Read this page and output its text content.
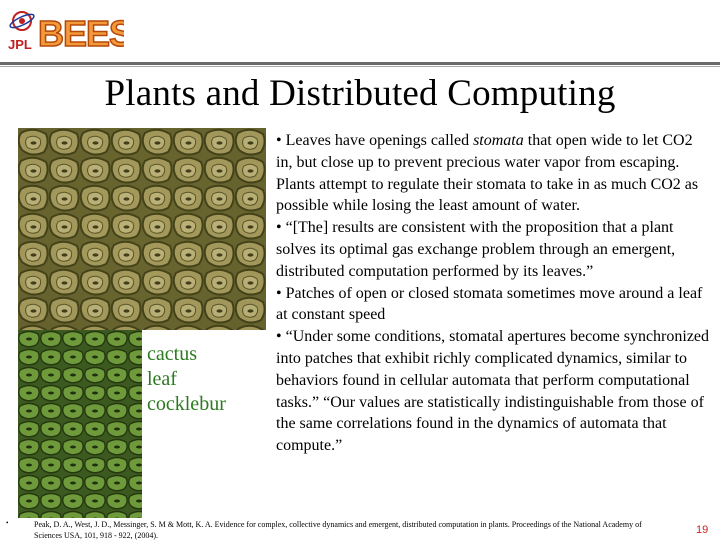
JPL BEES
Plants and Distributed Computing
cactus
leaf
cocklebur

• Leaves have openings called stomata that open wide to let CO2 in, but close up to prevent precious water vapor from escaping. Plants attempt to regulate their stomata to take in as much CO2 as possible while losing the least amount of water.

• “[The] results are consistent with the proposition that a plant solves its optimal gas exchange problem through an emergent, distributed computation performed by its leaves.”

• Patches of open or closed stomata sometimes move around a leaf at constant speed

• “Under some conditions, stomatal apertures become synchronized into patches that exhibit richly complicated dynamics, similar to behaviors found in cellular automata that perform computational tasks.” “Our values are statistically indistinguishable from those of the same correlations found in the dynamics of automata that compute.”

•	Peak, D. A., West, J. D., Messinger, S. M & Mott, K. A. Evidence for complex, collective dynamics and emergent, distributed computation in plants. Proceedings of the National Academy of Sciences USA, 101, 918 - 922, (2004).	19
